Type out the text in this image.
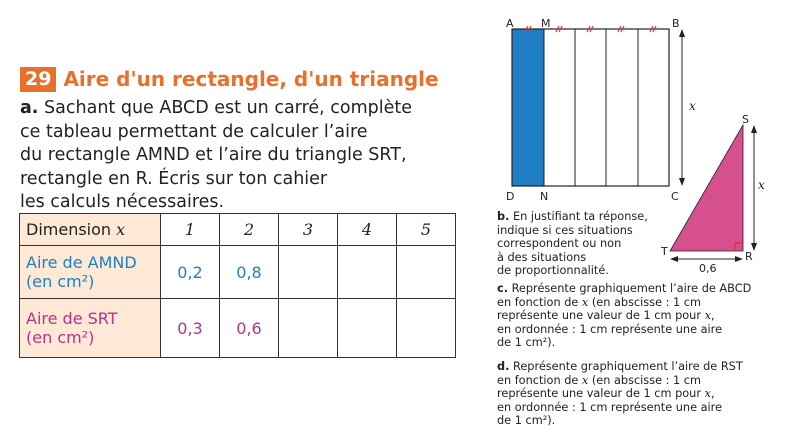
29 Aire d'un rectangle, d'un triangle
a. Sachant que ABCD est un carré, complète
ce tableau permettant de calculer l’aire
du rectangle AMND et l’aire du triangle SRT,
rectangle en R. Écris sur ton cahier
les calculs nécessaires.
Dimension x	1	2	3	4	5

Aire de AMND
(en cm²)	0,2	0,8			

Aire de SRT
(en cm²)	0,3	0,6			
A M	B
C
D N
x
S
R
T
x
0,6
b. En justifiant ta réponse,
indique si ces situations
correspondent ou non
à des situations
de proportionnalité.
c. Représente graphiquement l’aire de ABCD
en fonction de x (en abscisse : 1 cm
représente une valeur de 1 cm pour x,
en ordonnée : 1 cm représente une aire
de 1 cm²).
d. Représente graphiquement l’aire de RST
en fonction de x (en abscisse : 1 cm
représente une valeur de 1 cm pour x,
en ordonnée : 1 cm représente une aire
de 1 cm²).
